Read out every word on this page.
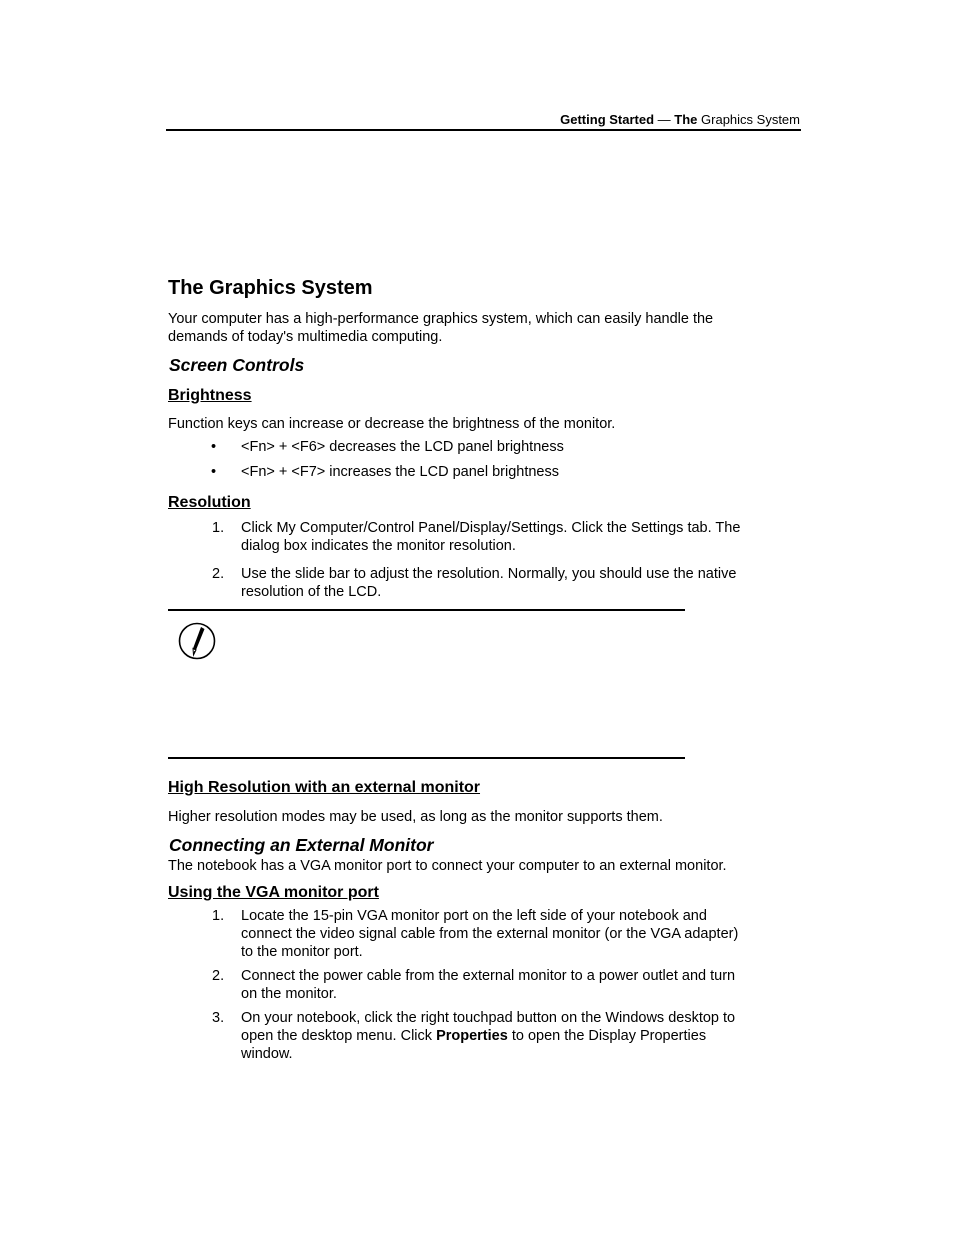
Getting Started — The Graphics System
The Graphics System
Your computer has a high-performance graphics system, which can easily handle the
demands of today's multimedia computing.
Screen Controls
Brightness
Function keys can increase or decrease the brightness of the monitor.
• <Fn> + <F6> decreases the LCD panel brightness
• <Fn> + <F7> increases the LCD panel brightness
Resolution
1. Click My Computer/Control Panel/Display/Settings. Click the Settings tab. The
dialog box indicates the monitor resolution.
2. Use the slide bar to adjust the resolution. Normally, you should use the native
resolution of the LCD.
High Resolution with an external monitor
Higher resolution modes may be used, as long as the monitor supports them.
Connecting an External Monitor
The notebook has a VGA monitor port to connect your computer to an external monitor.
Using the VGA monitor port
1. Locate the 15-pin VGA monitor port on the left side of your notebook and
connect the video signal cable from the external monitor (or the VGA adapter)
to the monitor port.
2. Connect the power cable from the external monitor to a power outlet and turn
on the monitor.
3. On your notebook, click the right touchpad button on the Windows desktop to
open the desktop menu. Click Properties to open the Display Properties
window.
